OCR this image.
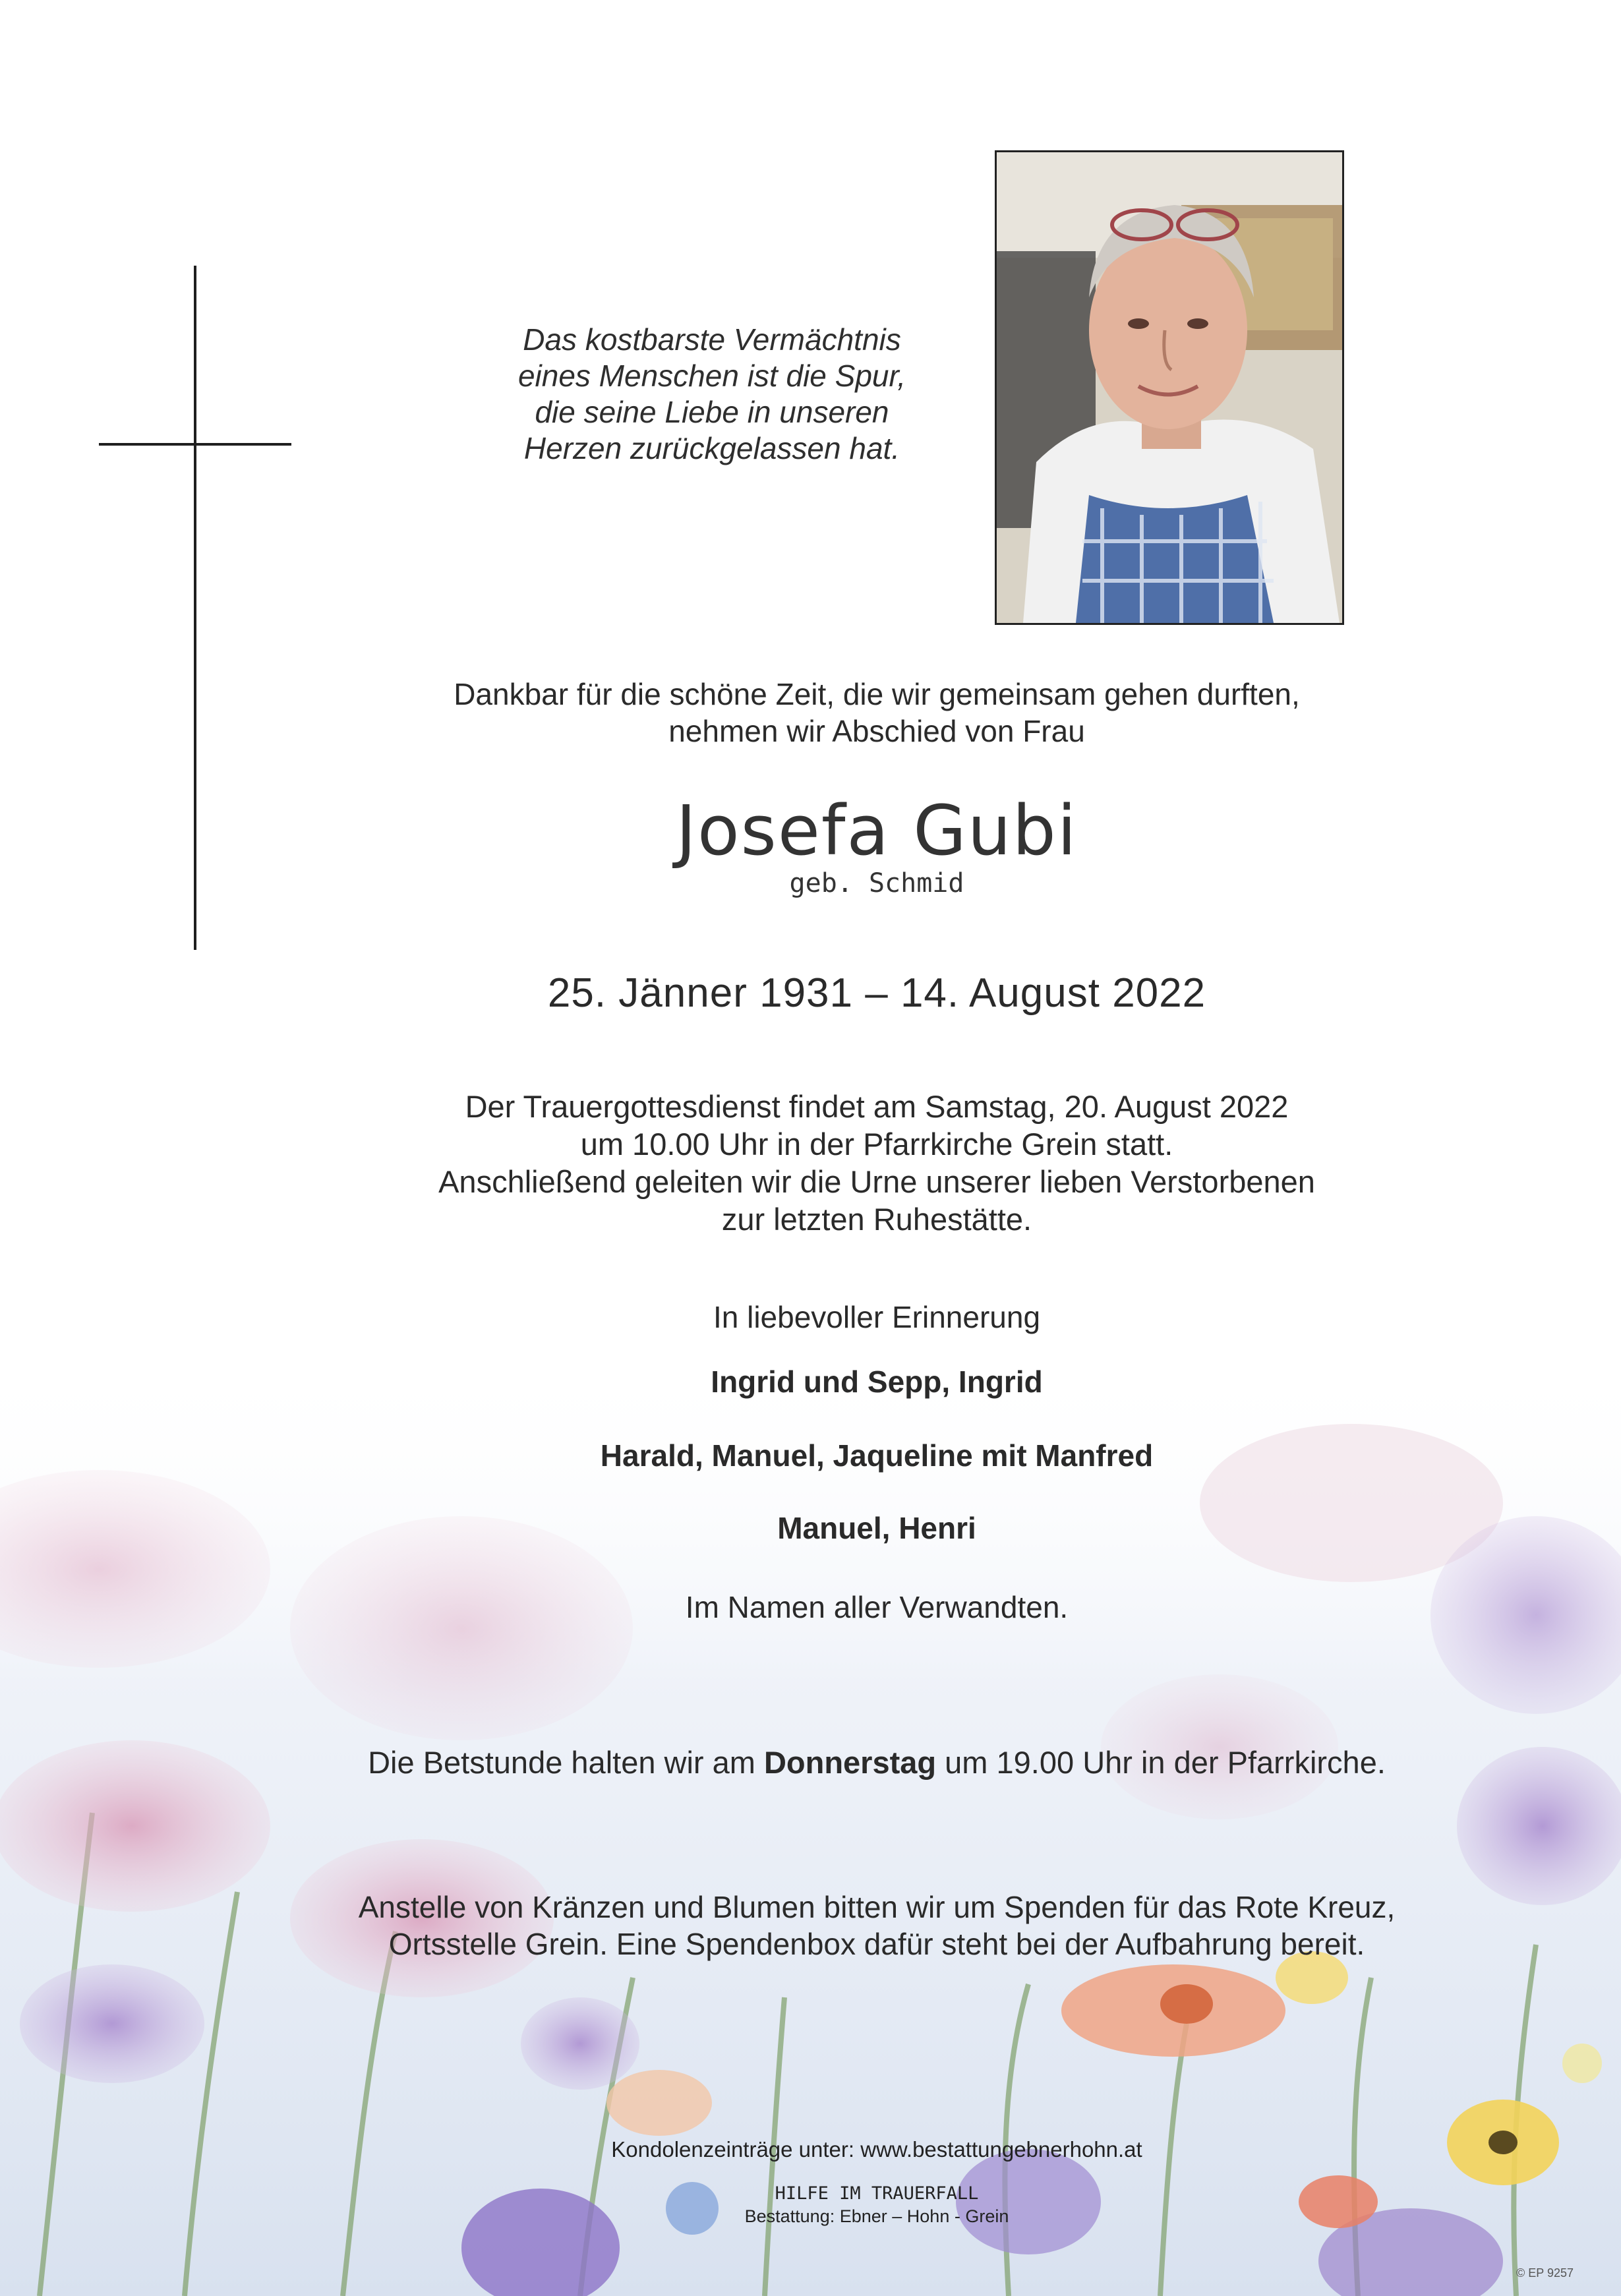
Das kostbarste Vermächtnis
eines Menschen ist die Spur,
die seine Liebe in unseren
Herzen zurückgelassen hat.
Dankbar für die schöne Zeit, die wir gemeinsam gehen durften,
nehmen wir Abschied von Frau
Josefa Gubi
geb. Schmid
25. Jänner 1931 – 14. August 2022
Der Trauergottesdienst findet am Samstag, 20. August 2022
um 10.00 Uhr in der Pfarrkirche Grein statt.
Anschließend geleiten wir die Urne unserer lieben Verstorbenen
zur letzten Ruhestätte.
In liebevoller Erinnerung
Ingrid und Sepp, Ingrid
Harald, Manuel, Jaqueline mit Manfred
Manuel, Henri
Im Namen aller Verwandten.
Die Betstunde halten wir am Donnerstag um 19.00 Uhr in der Pfarrkirche.
Anstelle von Kränzen und Blumen bitten wir um Spenden für das Rote Kreuz,
Ortsstelle Grein. Eine Spendenbox dafür steht bei der Aufbahrung bereit.
Kondolenzeinträge unter: www.bestattungebnerhohn.at
HILFE IM TRAUERFALL
Bestattung: Ebner – Hohn - Grein
© EP 9257
